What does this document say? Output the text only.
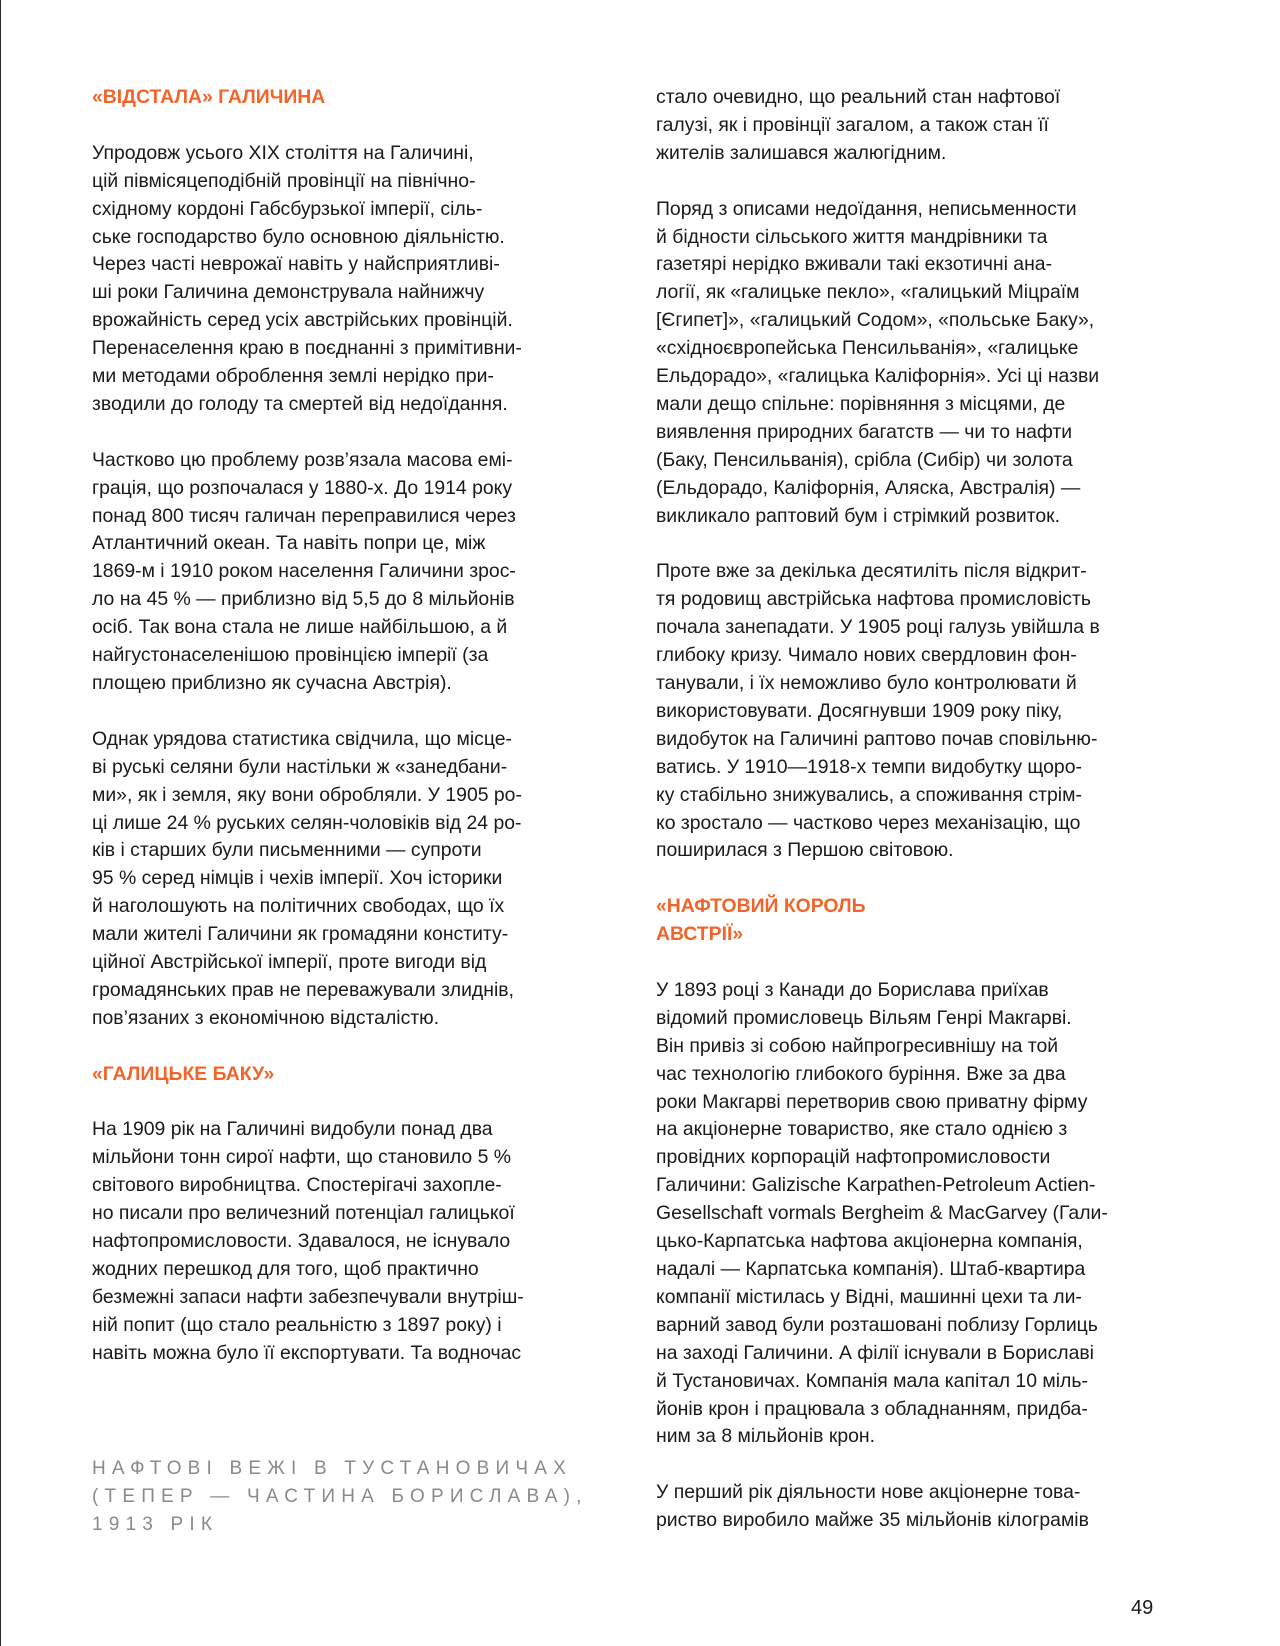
«ВІДСТАЛА» ГАЛИЧИНА

Упродовж усього XIX століття на Галичині,
цій півмісяцеподібній провінції на північно-
східному кордоні Габсбурзької імперії, сіль-
ське господарство було основною діяльністю.
Через часті неврожаї навіть у найсприятливі-
ші роки Галичина демонструвала найнижчу
врожайність серед усіх австрійських провінцій.
Перенаселення краю в поєднанні з примітивни-
ми методами оброблення землі нерідко при-
зводили до голоду та смертей від недоїдання.

Частково цю проблему розв’язала масова емі-
грація, що розпочалася у 1880-х. До 1914 року
понад 800 тисяч галичан переправилися через
Атлантичний океан. Та навіть попри це, між
1869-м і 1910 роком населення Галичини зрос-
ло на 45 % — приблизно від 5,5 до 8 мільйонів
осіб. Так вона стала не лише найбільшою, а й
найгустонаселенішою провінцією імперії (за
площею приблизно як сучасна Австрія).

Однак урядова статистика свідчила, що місце-
ві руські селяни були настільки ж «занедбани-
ми», як і земля, яку вони обробляли. У 1905 ро-
ці лише 24 % руських селян-чоловіків від 24 ро-
ків і старших були письменними — супроти
95 % серед німців і чехів імперії. Хоч історики
й наголошують на політичних свободах, що їх
мали жителі Галичини як громадяни конститу-
ційної Австрійської імперії, проте вигоди від
громадянських прав не переважували злиднів,
пов’язаних з економічною відсталістю.

«ГАЛИЦЬКЕ БАКУ»

На 1909 рік на Галичині видобули понад два
мільйони тонн сирої нафти, що становило 5 %
світового виробництва. Спостерігачі захопле-
но писали про величезний потенціал галицької
нафтопромисловости. Здавалося, не існувало
жодних перешкод для того, щоб практично
безмежні запаси нафти забезпечували внутріш-
ній попит (що стало реальністю з 1897 року) і
навіть можна було її експортувати. Та водночас

НАФТОВІ ВЕЖІ В ТУСТАНОВИЧАХ
(ТЕПЕР — ЧАСТИНА БОРИСЛАВА),
1913 РІК

стало очевидно, що реальний стан нафтової
галузі, як і провінції загалом, а також стан її
жителів залишався жалюгідним.

Поряд з описами недоїдання, неписьменности
й бідности сільського життя мандрівники та
газетярі нерідко вживали такі екзотичні ана-
логії, як «галицьке пекло», «галицький Міцраїм
[Єгипет]», «галицький Содом», «польське Баку»,
«східноєвропейська Пенсильванія», «галицьке
Ельдорадо», «галицька Каліфорнія». Усі ці назви
мали дещо спільне: порівняння з місцями, де
виявлення природних багатств — чи то нафти
(Баку, Пенсильванія), срібла (Сибір) чи золота
(Ельдорадо, Каліфорнія, Аляска, Австралія) —
викликало раптовий бум і стрімкий розвиток.

Проте вже за декілька десятиліть після відкрит-
тя родовищ австрійська нафтова промисловість
почала занепадати. У 1905 році галузь увійшла в
глибоку кризу. Чимало нових свердловин фон-
танували, і їх неможливо було контролювати й
використовувати. Досягнувши 1909 року піку,
видобуток на Галичині раптово почав сповільню-
ватись. У 1910—1918-х темпи видобутку щоро-
ку стабільно знижувались, а споживання стрім-
ко зростало — частково через механізацію, що
поширилася з Першою світовою.

«НАФТОВИЙ КОРОЛЬ
АВСТРІЇ»

У 1893 році з Канади до Борислава приїхав
відомий промисловець Вільям Генрі Макгарві.
Він привіз зі собою найпрогресивнішу на той
час технологію глибокого буріння. Вже за два
роки Макгарві перетворив свою приватну фірму
на акціонерне товариство, яке стало однією з
провідних корпорацій нафтопромисловости
Галичини: Galizische Karpathen-Petroleum Actien-
Gesellschaft vormals Bergheim & MacGarvey (Гали-
цько-Карпатська нафтова акціонерна компанія,
надалі — Карпатська компанія). Штаб-квартира
компанії містилась у Відні, машинні цехи та ли-
варний завод були розташовані поблизу Горлиць
на заході Галичини. А філії існували в Бориславі
й Тустановичах. Компанія мала капітал 10 міль-
йонів крон і працювала з обладнанням, придба-
ним за 8 мільйонів крон.

У перший рік діяльности нове акціонерне това-
риство виробило майже 35 мільйонів кілограмів

49
